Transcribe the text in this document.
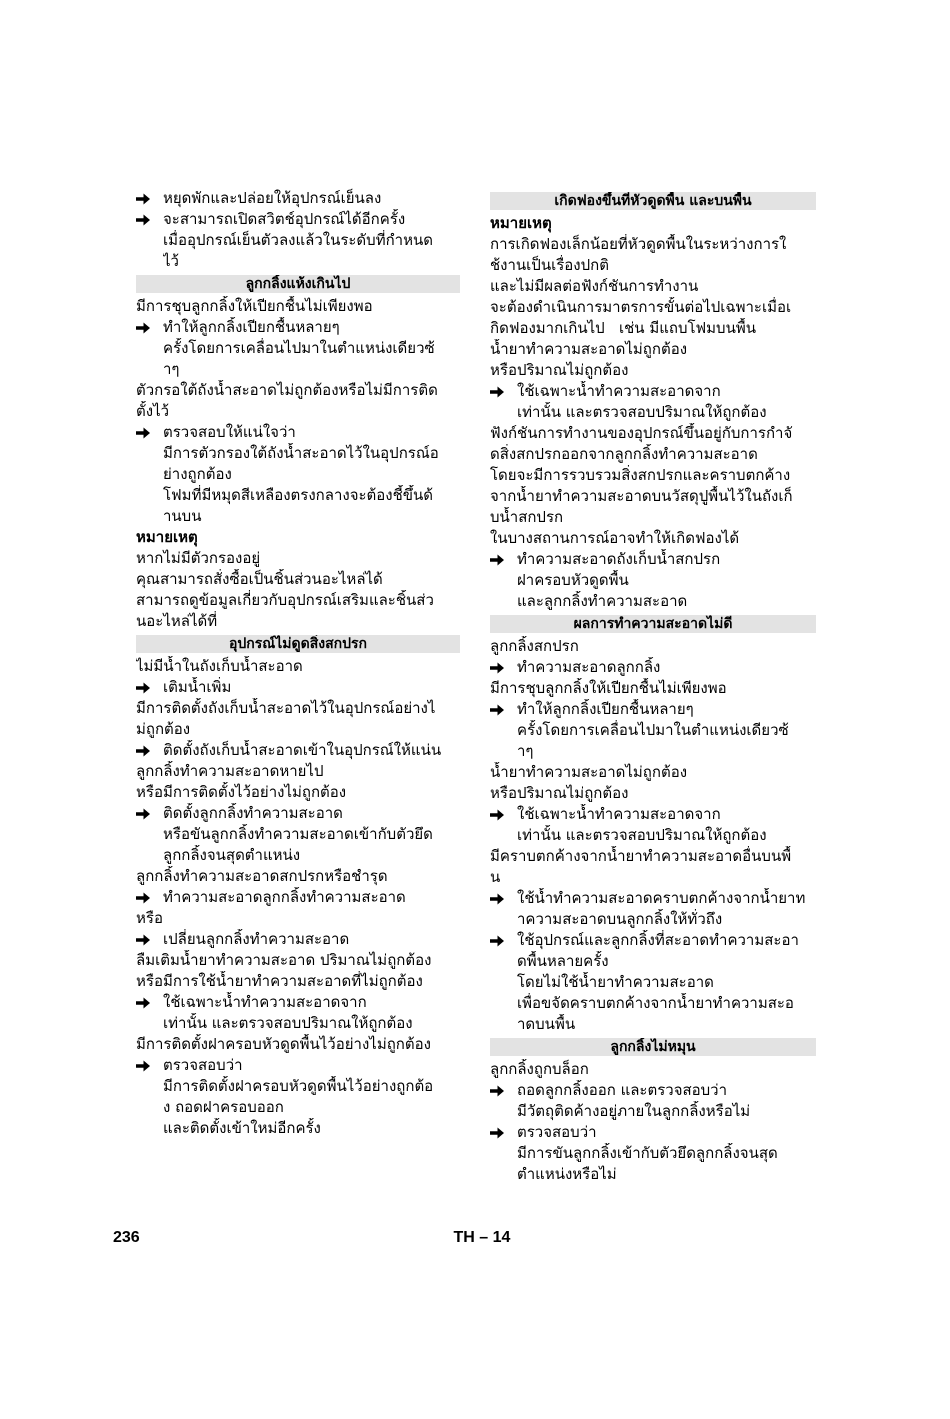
หยุดพักและปล่อยให้อุปกรณ์เย็นลง
จะสามารถเปิดสวิตช์อุปกรณ์ได้อีกครั้ง
เมื่ออุปกรณ์เย็นตัวลงแล้วในระดับที่กำหนด
ไว้
ลูกกลิ้งแห้งเกินไป
มีการชุบลูกกลิ้งให้เปียกชื้นไม่เพียงพอ
ทำให้ลูกกลิ้งเปียกชื้นหลายๆ
ครั้งโดยการเคลื่อนไปมาในตำแหน่งเดียวซ้
ำๆ
ตัวกรอใต้ถังน้ำสะอาดไม่ถูกต้องหรือไม่มีการติด
ตั้งไว้
ตรวจสอบให้แน่ใจว่า
มีการตัวกรองใต้ถังน้ำสะอาดไว้ในอุปกรณ์อ
ย่างถูกต้อง
โฟมที่มีหมุดสีเหลืองตรงกลางจะต้องชี้ขึ้นด้
านบน
หมายเหตุ
หากไม่มีตัวกรองอยู่
คุณสามารถสั่งซื้อเป็นชิ้นส่วนอะไหล่ได้
สามารถดูข้อมูลเกี่ยวกับอุปกรณ์เสริมและชิ้นส่ว
นอะไหล่ได้ที่
อุปกรณ์ไม่ดูดสิ่งสกปรก
ไม่มีน้ำในถังเก็บน้ำสะอาด
เติมน้ำเพิ่ม
มีการติดตั้งถังเก็บน้ำสะอาดไว้ในอุปกรณ์อย่างไ
ม่ถูกต้อง
ติดตั้งถังเก็บน้ำสะอาดเข้าในอุปกรณ์ให้แน่น
ลูกกลิ้งทำความสะอาดหายไป
หรือมีการติดตั้งไว้อย่างไม่ถูกต้อง
ติดตั้งลูกกลิ้งทำความสะอาด
หรือขันลูกกลิ้งทำความสะอาดเข้ากับตัวยึด
ลูกกลิ้งจนสุดตำแหน่ง
ลูกกลิ้งทำความสะอาดสกปรกหรือชำรุด
ทำความสะอาดลูกกลิ้งทำความสะอาด
หรือ
เปลี่ยนลูกกลิ้งทำความสะอาด
ลืมเติมน้ำยาทำความสะอาด ปริมาณไม่ถูกต้อง
หรือมีการใช้น้ำยาทำความสะอาดที่ไม่ถูกต้อง
ใช้เฉพาะน้ำทำความสะอาดจาก
เท่านั้น และตรวจสอบปริมาณให้ถูกต้อง
มีการติดตั้งฝาครอบหัวดูดพื้นไว้อย่างไม่ถูกต้อง
ตรวจสอบว่า
มีการติดตั้งฝาครอบหัวดูดพื้นไว้อย่างถูกต้อ
ง ถอดฝาครอบออก
และติดตั้งเข้าใหม่อีกครั้ง
เกิดฟองขึ้นที่หัวดูดพื้น และบนพื้น
หมายเหตุ
การเกิดฟองเล็กน้อยที่หัวดูดพื้นในระหว่างการใ
ช้งานเป็นเรื่องปกติ
และไม่มีผลต่อฟังก์ชันการทำงาน
จะต้องดำเนินการมาตรการขั้นต่อไปเฉพาะเมื่อเ
กิดฟองมากเกินไป   เช่น มีแถบโฟมบนพื้น
น้ำยาทำความสะอาดไม่ถูกต้อง
หรือปริมาณไม่ถูกต้อง
ใช้เฉพาะน้ำทำความสะอาดจาก
เท่านั้น และตรวจสอบปริมาณให้ถูกต้อง
ฟังก์ชันการทำงานของอุปกรณ์ขึ้นอยู่กับการกำจั
ดสิ่งสกปรกออกจากลูกกลิ้งทำความสะอาด
โดยจะมีการรวบรวมสิ่งสกปรกและคราบตกค้าง
จากน้ำยาทำความสะอาดบนวัสดุปูพื้นไว้ในถังเก็
บน้ำสกปรก
ในบางสถานการณ์อาจทำให้เกิดฟองได้
ทำความสะอาดถังเก็บน้ำสกปรก
ฝาครอบหัวดูดพื้น
และลูกกลิ้งทำความสะอาด
ผลการทำความสะอาดไม่ดี
ลูกกลิ้งสกปรก
ทำความสะอาดลูกกลิ้ง
มีการชุบลูกกลิ้งให้เปียกชื้นไม่เพียงพอ
ทำให้ลูกกลิ้งเปียกชื้นหลายๆ
ครั้งโดยการเคลื่อนไปมาในตำแหน่งเดียวซ้
ำๆ
น้ำยาทำความสะอาดไม่ถูกต้อง
หรือปริมาณไม่ถูกต้อง
ใช้เฉพาะน้ำทำความสะอาดจาก
เท่านั้น และตรวจสอบปริมาณให้ถูกต้อง
มีคราบตกค้างจากน้ำยาทำความสะอาดอื่นบนพื้
น
ใช้น้ำทำความสะอาดคราบตกค้างจากน้ำยาท
ำความสะอาดบนลูกกลิ้งให้ทั่วถึง
ใช้อุปกรณ์และลูกกลิ้งที่สะอาดทำความสะอา
ดพื้นหลายครั้ง
โดยไม่ใช้น้ำยาทำความสะอาด
เพื่อขจัดคราบตกค้างจากน้ำยาทำความสะอ
าดบนพื้น
ลูกกลิ้งไม่หมุน
ลูกกลิ้งถูกบล็อก
ถอดลูกกลิ้งออก และตรวจสอบว่า
มีวัตถุติดค้างอยู่ภายในลูกกลิ้งหรือไม่
ตรวจสอบว่า
มีการขันลูกกลิ้งเข้ากับตัวยึดลูกกลิ้งจนสุด
ตำแหน่งหรือไม่
236	TH – 14
